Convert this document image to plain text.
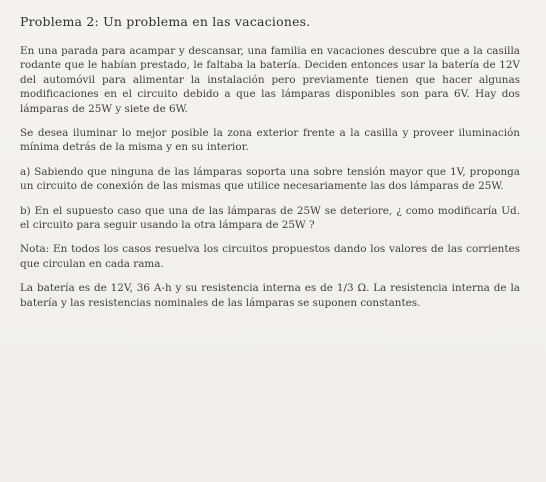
Problema 2: Un problema en las vacaciones.

En una parada para acampar y descansar, una familia en vacaciones descubre que a la casilla rodante que le habían prestado, le faltaba la batería. Deciden entonces usar la batería de 12V del automóvil para alimentar la instalación pero previamente tienen que hacer algunas modificaciones en el circuito debido a que las lámparas disponibles son para 6V. Hay dos lámparas de 25W y siete de 6W.

Se desea iluminar lo mejor posible la zona exterior frente a la casilla y proveer iluminación mínima detrás de la misma y en su interior.

a) Sabiendo que ninguna de las lámparas soporta una sobre tensión mayor que 1V, proponga un circuito de conexión de las mismas que utilice necesariamente las dos lámparas de 25W.

b) En el supuesto caso que una de las lámparas de 25W se deteriore, ¿ como modificaría Ud. el circuito para seguir usando la otra lámpara de 25W ?

Nota: En todos los casos resuelva los circuitos propuestos dando los valores de las corrientes que circulan en cada rama.

La batería es de 12V, 36 A-h y su resistencia interna es de 1/3 Ω. La resistencia interna de la batería y las resistencias nominales de las lámparas se suponen constantes.
